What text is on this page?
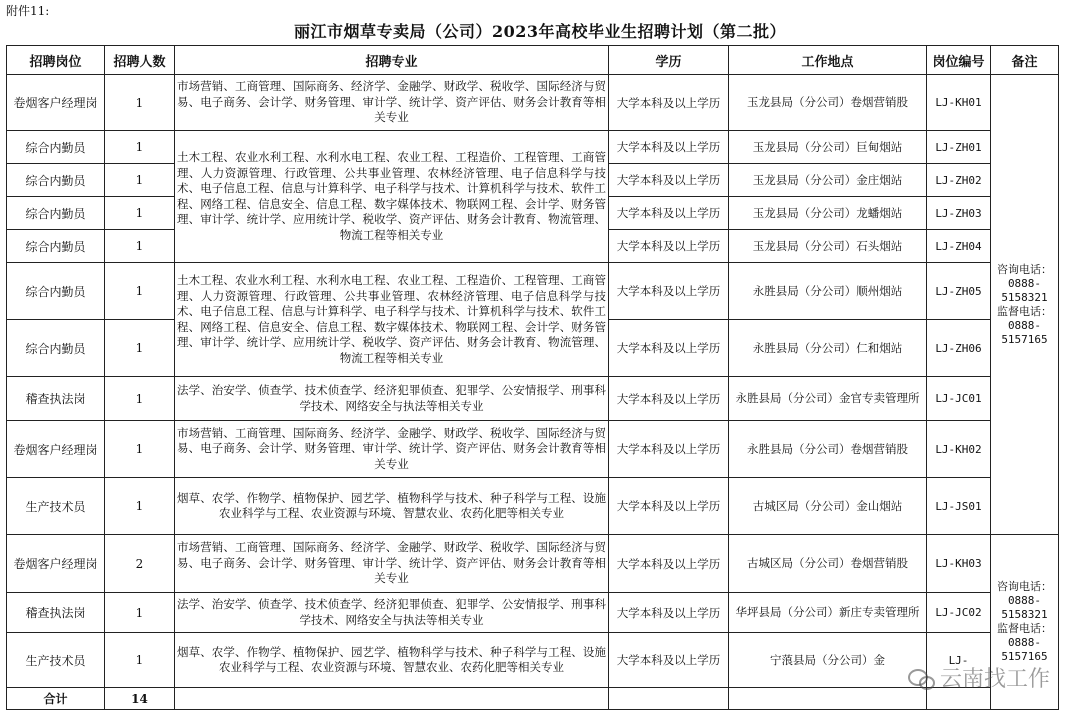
附件11:
丽江市烟草专卖局（公司）2023年高校毕业生招聘计划（第二批）
招聘岗位	招聘人数	招聘专业	学历	工作地点	岗位编号	备注
卷烟客户经理岗	1	市场营销、工商管理、国际商务、经济学、金融学、财政学、税收学、国际经济与贸易、电子商务、会计学、财务管理、审计学、统计学、资产评估、财务会计教育等相关专业	大学本科及以上学历	玉龙县局（分公司）卷烟营销股	LJ-KH01	咨询电话：0888-5158321 监督电话：0888-5157165
综合内勤员	1	土木工程、农业水利工程、水利水电工程、农业工程、工程造价、工程管理、工商管理、人力资源管理、行政管理、公共事业管理、农林经济管理、电子信息科学与技术、电子信息工程、信息与计算科学、电子科学与技术、计算机科学与技术、软件工程、网络工程、信息安全、信息工程、数字媒体技术、物联网工程、会计学、财务管理、审计学、统计学、应用统计学、税收学、资产评估、财务会计教育、物流管理、物流工程等相关专业	大学本科及以上学历	玉龙县局（分公司）巨甸烟站	LJ-ZH01	
综合内勤员	1		大学本科及以上学历	玉龙县局（分公司）金庄烟站	LJ-ZH02	
综合内勤员	1		大学本科及以上学历	玉龙县局（分公司）龙蟠烟站	LJ-ZH03	
综合内勤员	1		大学本科及以上学历	玉龙县局（分公司）石头烟站	LJ-ZH04	
综合内勤员	1	土木工程、农业水利工程、水利水电工程、农业工程、工程造价、工程管理、工商管理、人力资源管理、行政管理、公共事业管理、农林经济管理、电子信息科学与技术、电子信息工程、信息与计算科学、电子科学与技术、计算机科学与技术、软件工程、网络工程、信息安全、信息工程、数字媒体技术、物联网工程、会计学、财务管理、审计学、统计学、应用统计学、税收学、资产评估、财务会计教育、物流管理、物流工程等相关专业	大学本科及以上学历	永胜县局（分公司）顺州烟站	LJ-ZH05	
综合内勤员	1		大学本科及以上学历	永胜县局（分公司）仁和烟站	LJ-ZH06	
稽查执法岗	1	法学、治安学、侦查学、技术侦查学、经济犯罪侦查、犯罪学、公安情报学、刑事科学技术、网络安全与执法等相关专业	大学本科及以上学历	永胜县局（分公司）金官专卖管理所	LJ-JC01	
卷烟客户经理岗	1	市场营销、工商管理、国际商务、经济学、金融学、财政学、税收学、国际经济与贸易、电子商务、会计学、财务管理、审计学、统计学、资产评估、财务会计教育等相关专业	大学本科及以上学历	永胜县局（分公司）卷烟营销股	LJ-KH02	
生产技术员	1	烟草、农学、作物学、植物保护、园艺学、植物科学与技术、种子科学与工程、设施农业科学与工程、农业资源与环境、智慧农业、农药化肥等相关专业	大学本科及以上学历	古城区局（分公司）金山烟站	LJ-JS01	
卷烟客户经理岗	2	市场营销、工商管理、国际商务、经济学、金融学、财政学、税收学、国际经济与贸易、电子商务、会计学、财务管理、审计学、统计学、资产评估、财务会计教育等相关专业	大学本科及以上学历	古城区局（分公司）卷烟营销股	LJ-KH03	咨询电话：0888-5158321 监督电话：0888-5157165
稽查执法岗	1	法学、治安学、侦查学、技术侦查学、经济犯罪侦查、犯罪学、公安情报学、刑事科学技术、网络安全与执法等相关专业	大学本科及以上学历	华坪县局（分公司）新庄专卖管理所	LJ-JC02	
生产技术员	1	烟草、农学、作物学、植物保护、园艺学、植物科学与技术、种子科学与工程、设施农业科学与工程、农业资源与环境、智慧农业、农药化肥等相关专业	大学本科及以上学历	宁蒗县局（分公司）金	LJ-	
合计	14					
云南找工作
